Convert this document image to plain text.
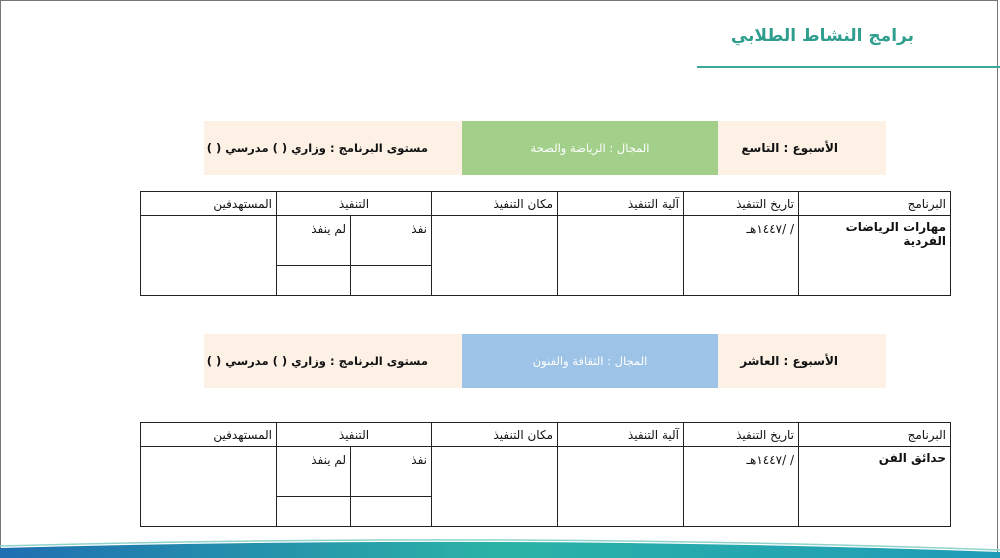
برامج النشاط الطلابي
الأسبوع : التاسع
المجال : الرياضة والصحة
مستوى البرنامج : وزاري ( ) مدرسي ( )
البرنامج	تاريخ التنفيذ	آلية التنفيذ	مكان التنفيذ	التنفيذ		المستهدفين
مهارات الرياضات الفردية	/ /١٤٤٧هـ			نفذ	لم ينفذ	

الأسبوع : العاشر
المجال : الثقافة والفنون
مستوى البرنامج : وزاري ( ) مدرسي ( )
البرنامج	تاريخ التنفيذ	آلية التنفيذ	مكان التنفيذ	التنفيذ		المستهدفين
حدائق الفن	/ /١٤٤٧هـ			نفذ	لم ينفذ	
